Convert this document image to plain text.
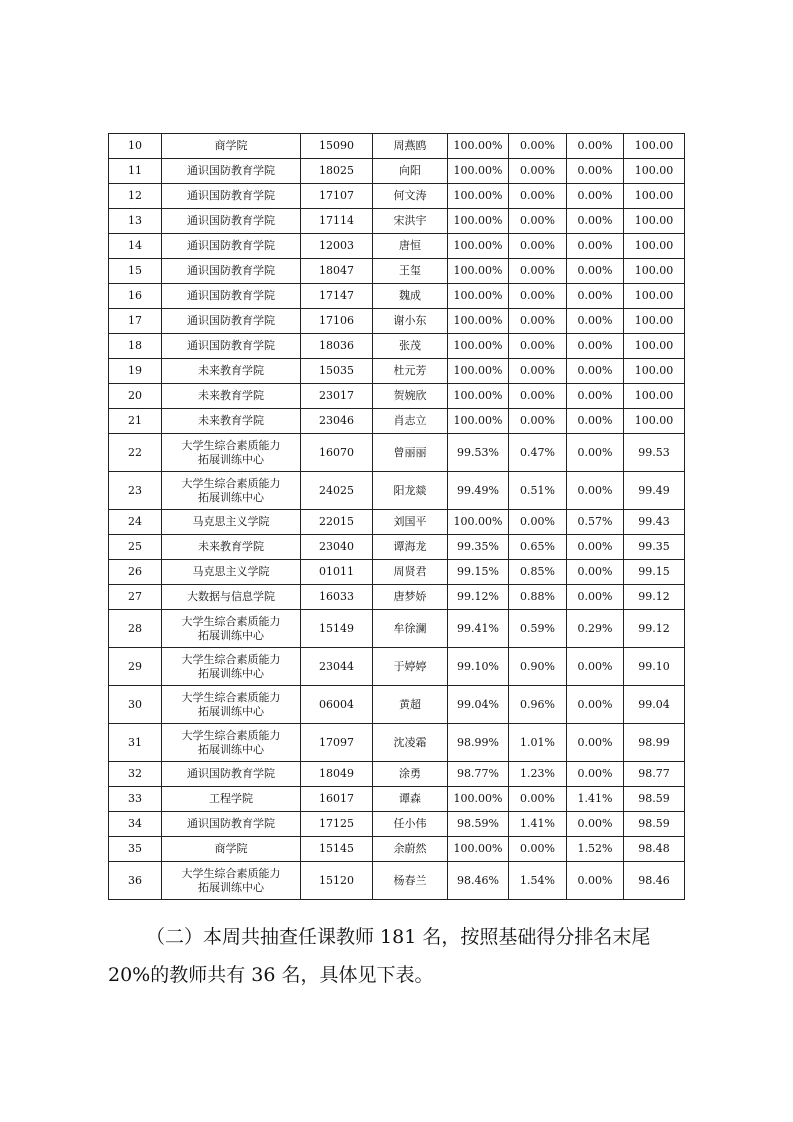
10	商学院	15090	周燕鸥	100.00%	0.00%	0.00%	100.00
11	通识国防教育学院	18025	向阳	100.00%	0.00%	0.00%	100.00
12	通识国防教育学院	17107	何文涛	100.00%	0.00%	0.00%	100.00
13	通识国防教育学院	17114	宋洪宇	100.00%	0.00%	0.00%	100.00
14	通识国防教育学院	12003	唐恒	100.00%	0.00%	0.00%	100.00
15	通识国防教育学院	18047	王玺	100.00%	0.00%	0.00%	100.00
16	通识国防教育学院	17147	魏成	100.00%	0.00%	0.00%	100.00
17	通识国防教育学院	17106	谢小东	100.00%	0.00%	0.00%	100.00
18	通识国防教育学院	18036	张茂	100.00%	0.00%	0.00%	100.00
19	未来教育学院	15035	杜元芳	100.00%	0.00%	0.00%	100.00
20	未来教育学院	23017	贺婉欣	100.00%	0.00%	0.00%	100.00
21	未来教育学院	23046	肖志立	100.00%	0.00%	0.00%	100.00
22	大学生综合素质能力
拓展训练中心	16070	曾丽丽	99.53%	0.47%	0.00%	99.53
23	大学生综合素质能力
拓展训练中心	24025	阳龙燚	99.49%	0.51%	0.00%	99.49
24	马克思主义学院	22015	刘国平	100.00%	0.00%	0.57%	99.43
25	未来教育学院	23040	谭海龙	99.35%	0.65%	0.00%	99.35
26	马克思主义学院	01011	周贤君	99.15%	0.85%	0.00%	99.15
27	大数据与信息学院	16033	唐梦娇	99.12%	0.88%	0.00%	99.12
28	大学生综合素质能力
拓展训练中心	15149	牟徐澜	99.41%	0.59%	0.29%	99.12
29	大学生综合素质能力
拓展训练中心	23044	于婷婷	99.10%	0.90%	0.00%	99.10
30	大学生综合素质能力
拓展训练中心	06004	黄超	99.04%	0.96%	0.00%	99.04
31	大学生综合素质能力
拓展训练中心	17097	沈凌霜	98.99%	1.01%	0.00%	98.99
32	通识国防教育学院	18049	涂勇	98.77%	1.23%	0.00%	98.77
33	工程学院	16017	谭森	100.00%	0.00%	1.41%	98.59
34	通识国防教育学院	17125	任小伟	98.59%	1.41%	0.00%	98.59
35	商学院	15145	余蔚然	100.00%	0.00%	1.52%	98.48
36	大学生综合素质能力
拓展训练中心	15120	杨春兰	98.46%	1.54%	0.00%	98.46

（二）本周共抽查任课教师 181 名，按照基础得分排名末尾
20%的教师共有 36 名，具体见下表。
